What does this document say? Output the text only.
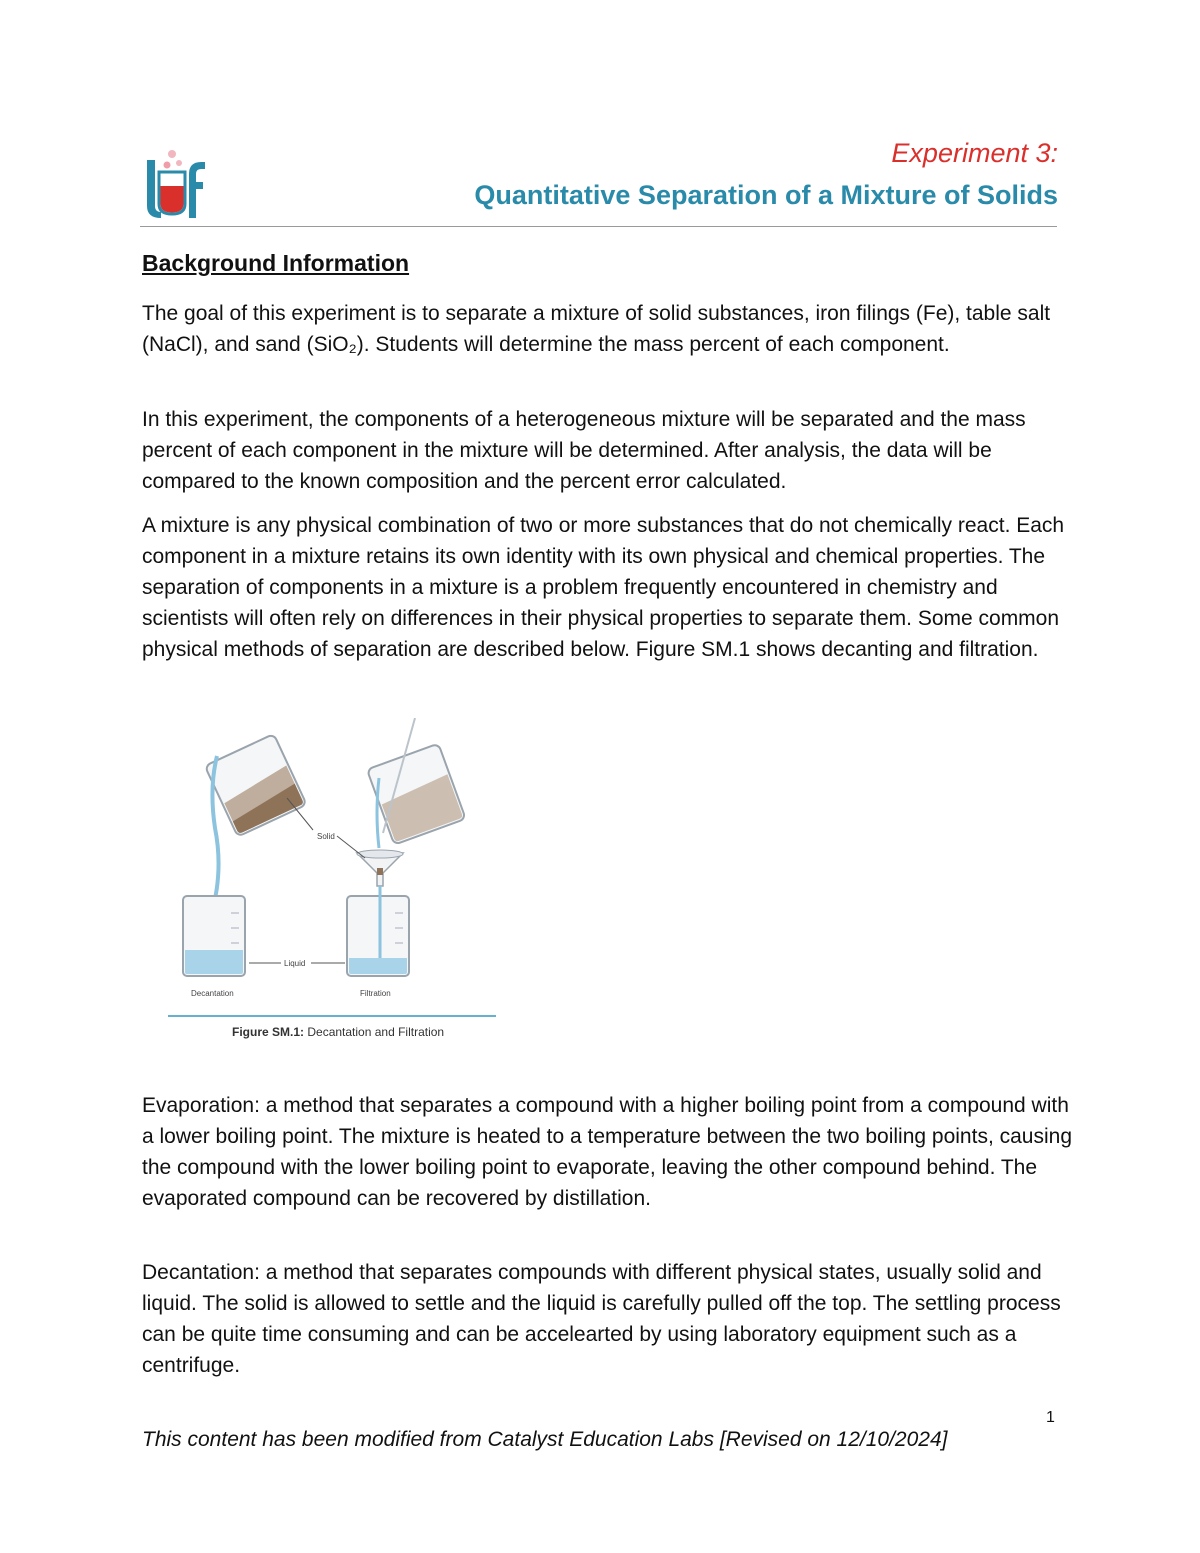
Experiment 3:
Quantitative Separation of a Mixture of Solids
Background Information

The goal of this experiment is to separate a mixture of solid substances, iron filings (Fe), table salt (NaCl), and sand (SiO₂). Students will determine the mass percent of each component.

In this experiment, the components of a heterogeneous mixture will be separated and the mass percent of each component in the mixture will be determined. After analysis, the data will be compared to the known composition and the percent error calculated.

A mixture is any physical combination of two or more substances that do not chemically react. Each component in a mixture retains its own identity with its own physical and chemical properties. The separation of components in a mixture is a problem frequently encountered in chemistry and scientists will often rely on differences in their physical properties to separate them. Some common physical methods of separation are described below. Figure SM.1 shows decanting and filtration.

Solid
Liquid
Decantation	Filtration
Figure SM.1: Decantation and Filtration

Evaporation: a method that separates a compound with a higher boiling point from a compound with a lower boiling point. The mixture is heated to a temperature between the two boiling points, causing the compound with the lower boiling point to evaporate, leaving the other compound behind. The evaporated compound can be recovered by distillation.

Decantation: a method that separates compounds with different physical states, usually solid and liquid. The solid is allowed to settle and the liquid is carefully pulled off the top. The settling process can be quite time consuming and can be accelearted by using laboratory equipment such as a centrifuge.

1
This content has been modified from Catalyst Education Labs [Revised on 12/10/2024]
